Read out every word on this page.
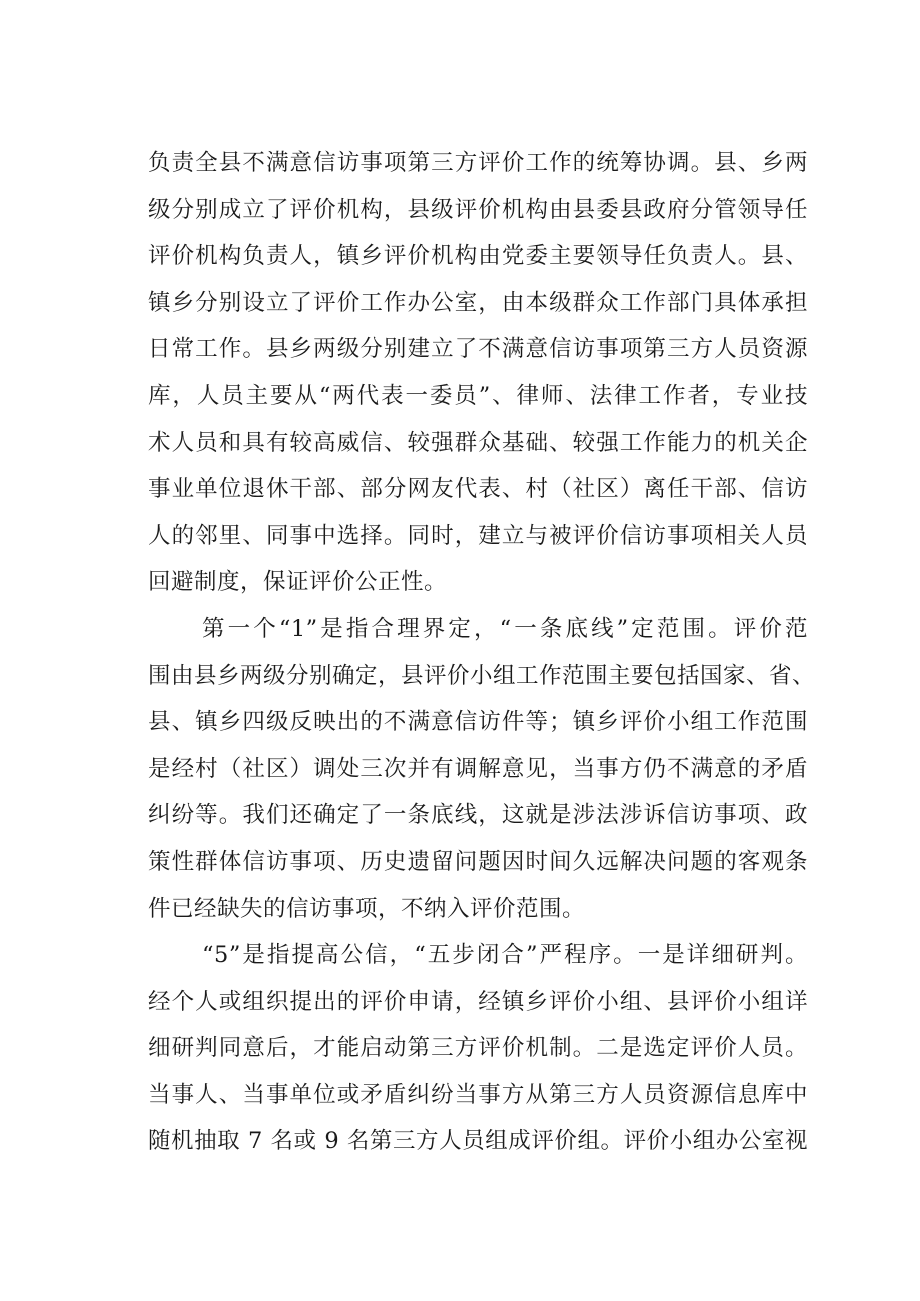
负责全县不满意信访事项第三方评价工作的统筹协调。县、乡两
级分别成立了评价机构，县级评价机构由县委县政府分管领导任
评价机构负责人，镇乡评价机构由党委主要领导任负责人。县、
镇乡分别设立了评价工作办公室，由本级群众工作部门具体承担
日常工作。县乡两级分别建立了不满意信访事项第三方人员资源
库，人员主要从“两代表一委员”、律师、法律工作者，专业技
术人员和具有较高威信、较强群众基础、较强工作能力的机关企
事业单位退休干部、部分网友代表、村（社区）离任干部、信访
人的邻里、同事中选择。同时，建立与被评价信访事项相关人员
回避制度，保证评价公正性。
第一个“1”是指合理界定，“一条底线”定范围。评价范
围由县乡两级分别确定，县评价小组工作范围主要包括国家、省、
县、镇乡四级反映出的不满意信访件等；镇乡评价小组工作范围
是经村（社区）调处三次并有调解意见，当事方仍不满意的矛盾
纠纷等。我们还确定了一条底线，这就是涉法涉诉信访事项、政
策性群体信访事项、历史遗留问题因时间久远解决问题的客观条
件已经缺失的信访事项，不纳入评价范围。
“5”是指提高公信，“五步闭合”严程序。一是详细研判。
经个人或组织提出的评价申请，经镇乡评价小组、县评价小组详
细研判同意后，才能启动第三方评价机制。二是选定评价人员。
当事人、当事单位或矛盾纠纷当事方从第三方人员资源信息库中
随机抽取 7 名或 9 名第三方人员组成评价组。评价小组办公室视
